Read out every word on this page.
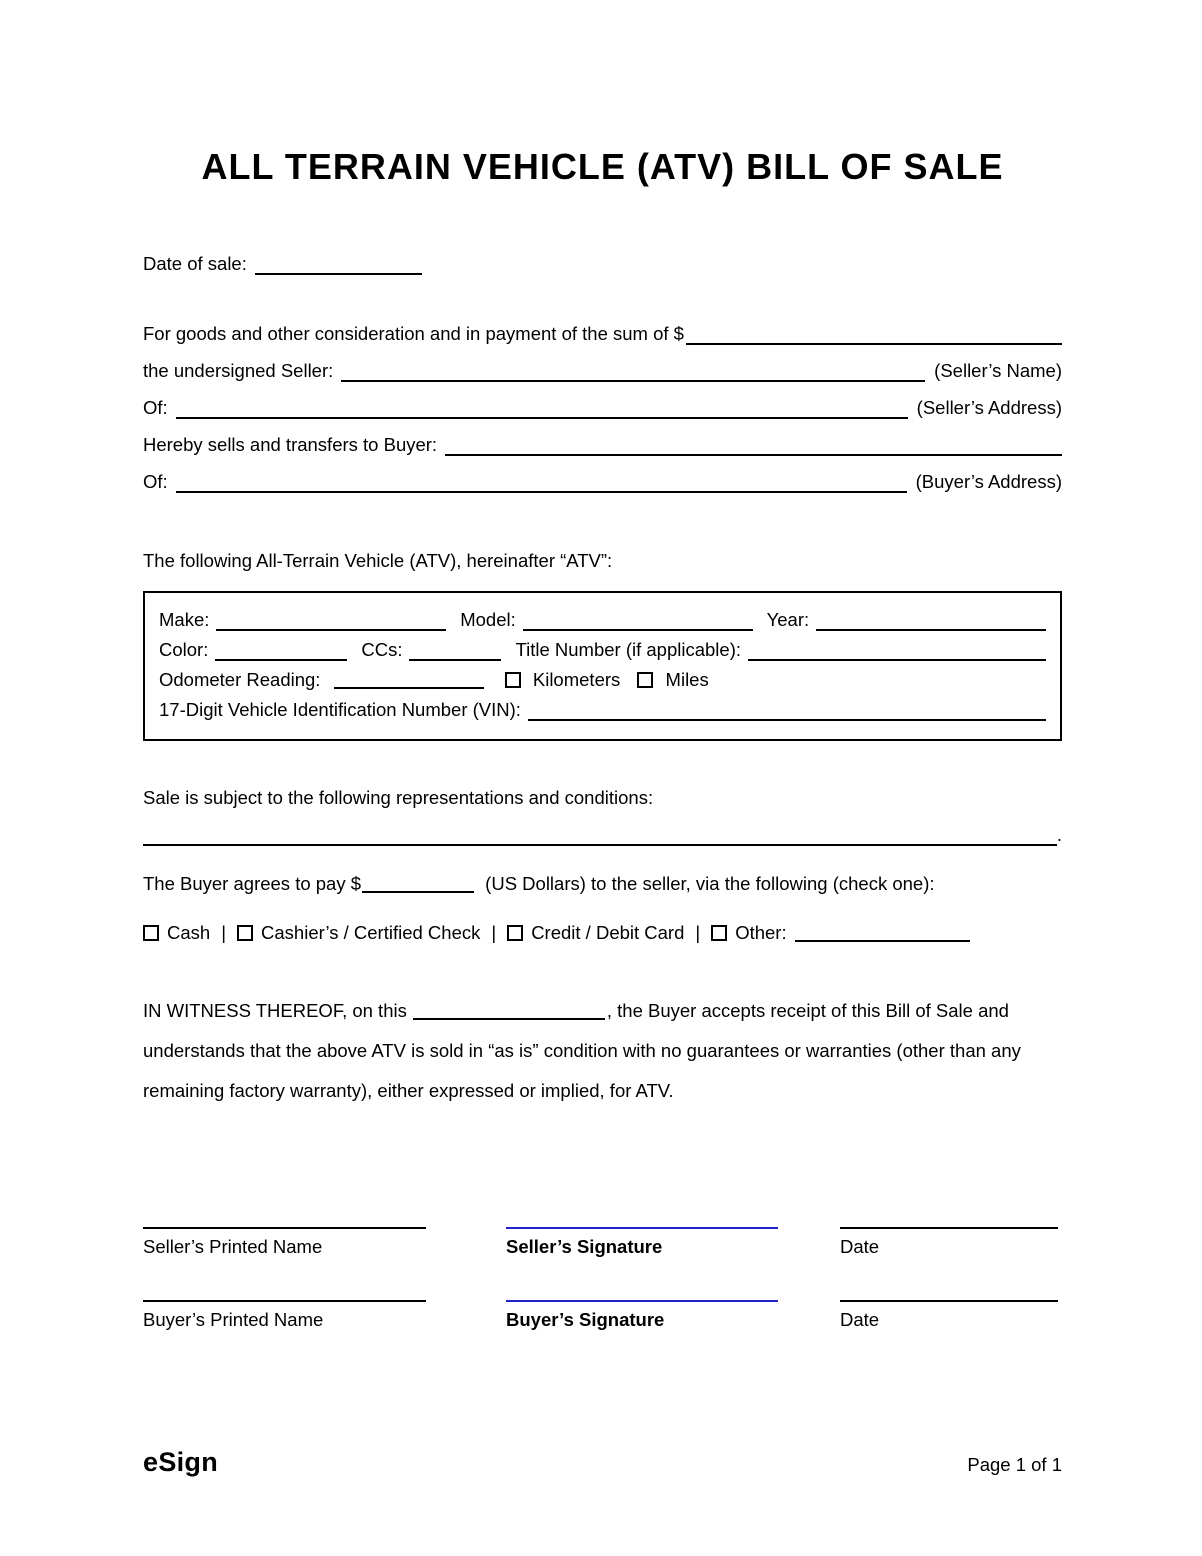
ALL TERRAIN VEHICLE (ATV) BILL OF SALE
Date of sale:
For goods and other consideration and in payment of the sum of $
the undersigned Seller:	(Seller’s Name)
Of:	(Seller’s Address)
Hereby sells and transfers to Buyer:
Of:	(Buyer’s Address)
The following All-Terrain Vehicle (ATV), hereinafter “ATV”:
Make:	Model:	Year:
Color:	CCs:	Title Number (if applicable):
Odometer Reading:	Kilometers Miles
17-Digit Vehicle Identification Number (VIN):
Sale is subject to the following representations and conditions:
.

The Buyer agrees to pay $	(US Dollars) to the seller, via the following (check one):

Cash | Cashier’s / Certified Check | Credit / Debit Card | Other:

IN WITNESS THEREOF, on this	, the Buyer accepts receipt of this Bill of Sale and understands that the above ATV is sold in “as is” condition with no guarantees or warranties (other than any remaining factory warranty), either expressed or implied, for ATV.

Seller’s Printed Name	Seller’s Signature	Date
Buyer’s Printed Name	Buyer’s Signature	Date
eSign	Page 1 of 1
